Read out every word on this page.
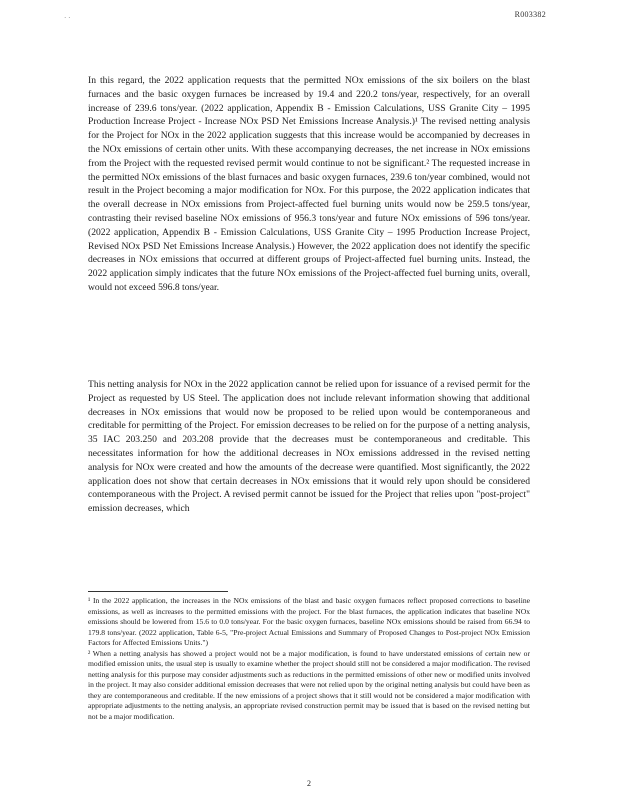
· ·	R003382

In this regard, the 2022 application requests that the permitted NOx emissions of the six boilers on the blast furnaces and the basic oxygen furnaces be increased by 19.4 and 220.2 tons/year, respectively, for an overall increase of 239.6 tons/year. (2022 application, Appendix B - Emission Calculations, USS Granite City – 1995 Production Increase Project - Increase NOx PSD Net Emissions Increase Analysis.)¹ The revised netting analysis for the Project for NOx in the 2022 application suggests that this increase would be accompanied by decreases in the NOx emissions of certain other units. With these accompanying decreases, the net increase in NOx emissions from the Project with the requested revised permit would continue to not be significant.² The requested increase in the permitted NOx emissions of the blast furnaces and basic oxygen furnaces, 239.6 ton/year combined, would not result in the Project becoming a major modification for NOx. For this purpose, the 2022 application indicates that the overall decrease in NOx emissions from Project-affected fuel burning units would now be 259.5 tons/year, contrasting their revised baseline NOx emissions of 956.3 tons/year and future NOx emissions of 596 tons/year. (2022 application, Appendix B - Emission Calculations, USS Granite City – 1995 Production Increase Project, Revised NOx PSD Net Emissions Increase Analysis.) However, the 2022 application does not identify the specific decreases in NOx emissions that occurred at different groups of Project-affected fuel burning units. Instead, the 2022 application simply indicates that the future NOx emissions of the Project-affected fuel burning units, overall, would not exceed 596.8 tons/year.

This netting analysis for NOx in the 2022 application cannot be relied upon for issuance of a revised permit for the Project as requested by US Steel. The application does not include relevant information showing that additional decreases in NOx emissions that would now be proposed to be relied upon would be contemporaneous and creditable for permitting of the Project. For emission decreases to be relied on for the purpose of a netting analysis, 35 IAC 203.250 and 203.208 provide that the decreases must be contemporaneous and creditable. This necessitates information for how the additional decreases in NOx emissions addressed in the revised netting analysis for NOx were created and how the amounts of the decrease were quantified. Most significantly, the 2022 application does not show that certain decreases in NOx emissions that it would rely upon should be considered contemporaneous with the Project. A revised permit cannot be issued for the Project that relies upon "post-project" emission decreases, which

¹ In the 2022 application, the increases in the NOx emissions of the blast and basic oxygen furnaces reflect proposed corrections to baseline emissions, as well as increases to the permitted emissions with the project. For the blast furnaces, the application indicates that baseline NOx emissions should be lowered from 15.6 to 0.0 tons/year. For the basic oxygen furnaces, baseline NOx emissions should be raised from 66.94 to 179.8 tons/year. (2022 application, Table 6-5, "Pre-project Actual Emissions and Summary of Proposed Changes to Post-project NOx Emission Factors for Affected Emissions Units.")

² When a netting analysis has showed a project would not be a major modification, is found to have understated emissions of certain new or modified emission units, the usual step is usually to examine whether the project should still not be considered a major modification. The revised netting analysis for this purpose may consider adjustments such as reductions in the permitted emissions of other new or modified units involved in the project. It may also consider additional emission decreases that were not relied upon by the original netting analysis but could have been as they are contemporaneous and creditable. If the new emissions of a project shows that it still would not be considered a major modification with appropriate adjustments to the netting analysis, an appropriate revised construction permit may be issued that is based on the revised netting but not be a major modification.

2
